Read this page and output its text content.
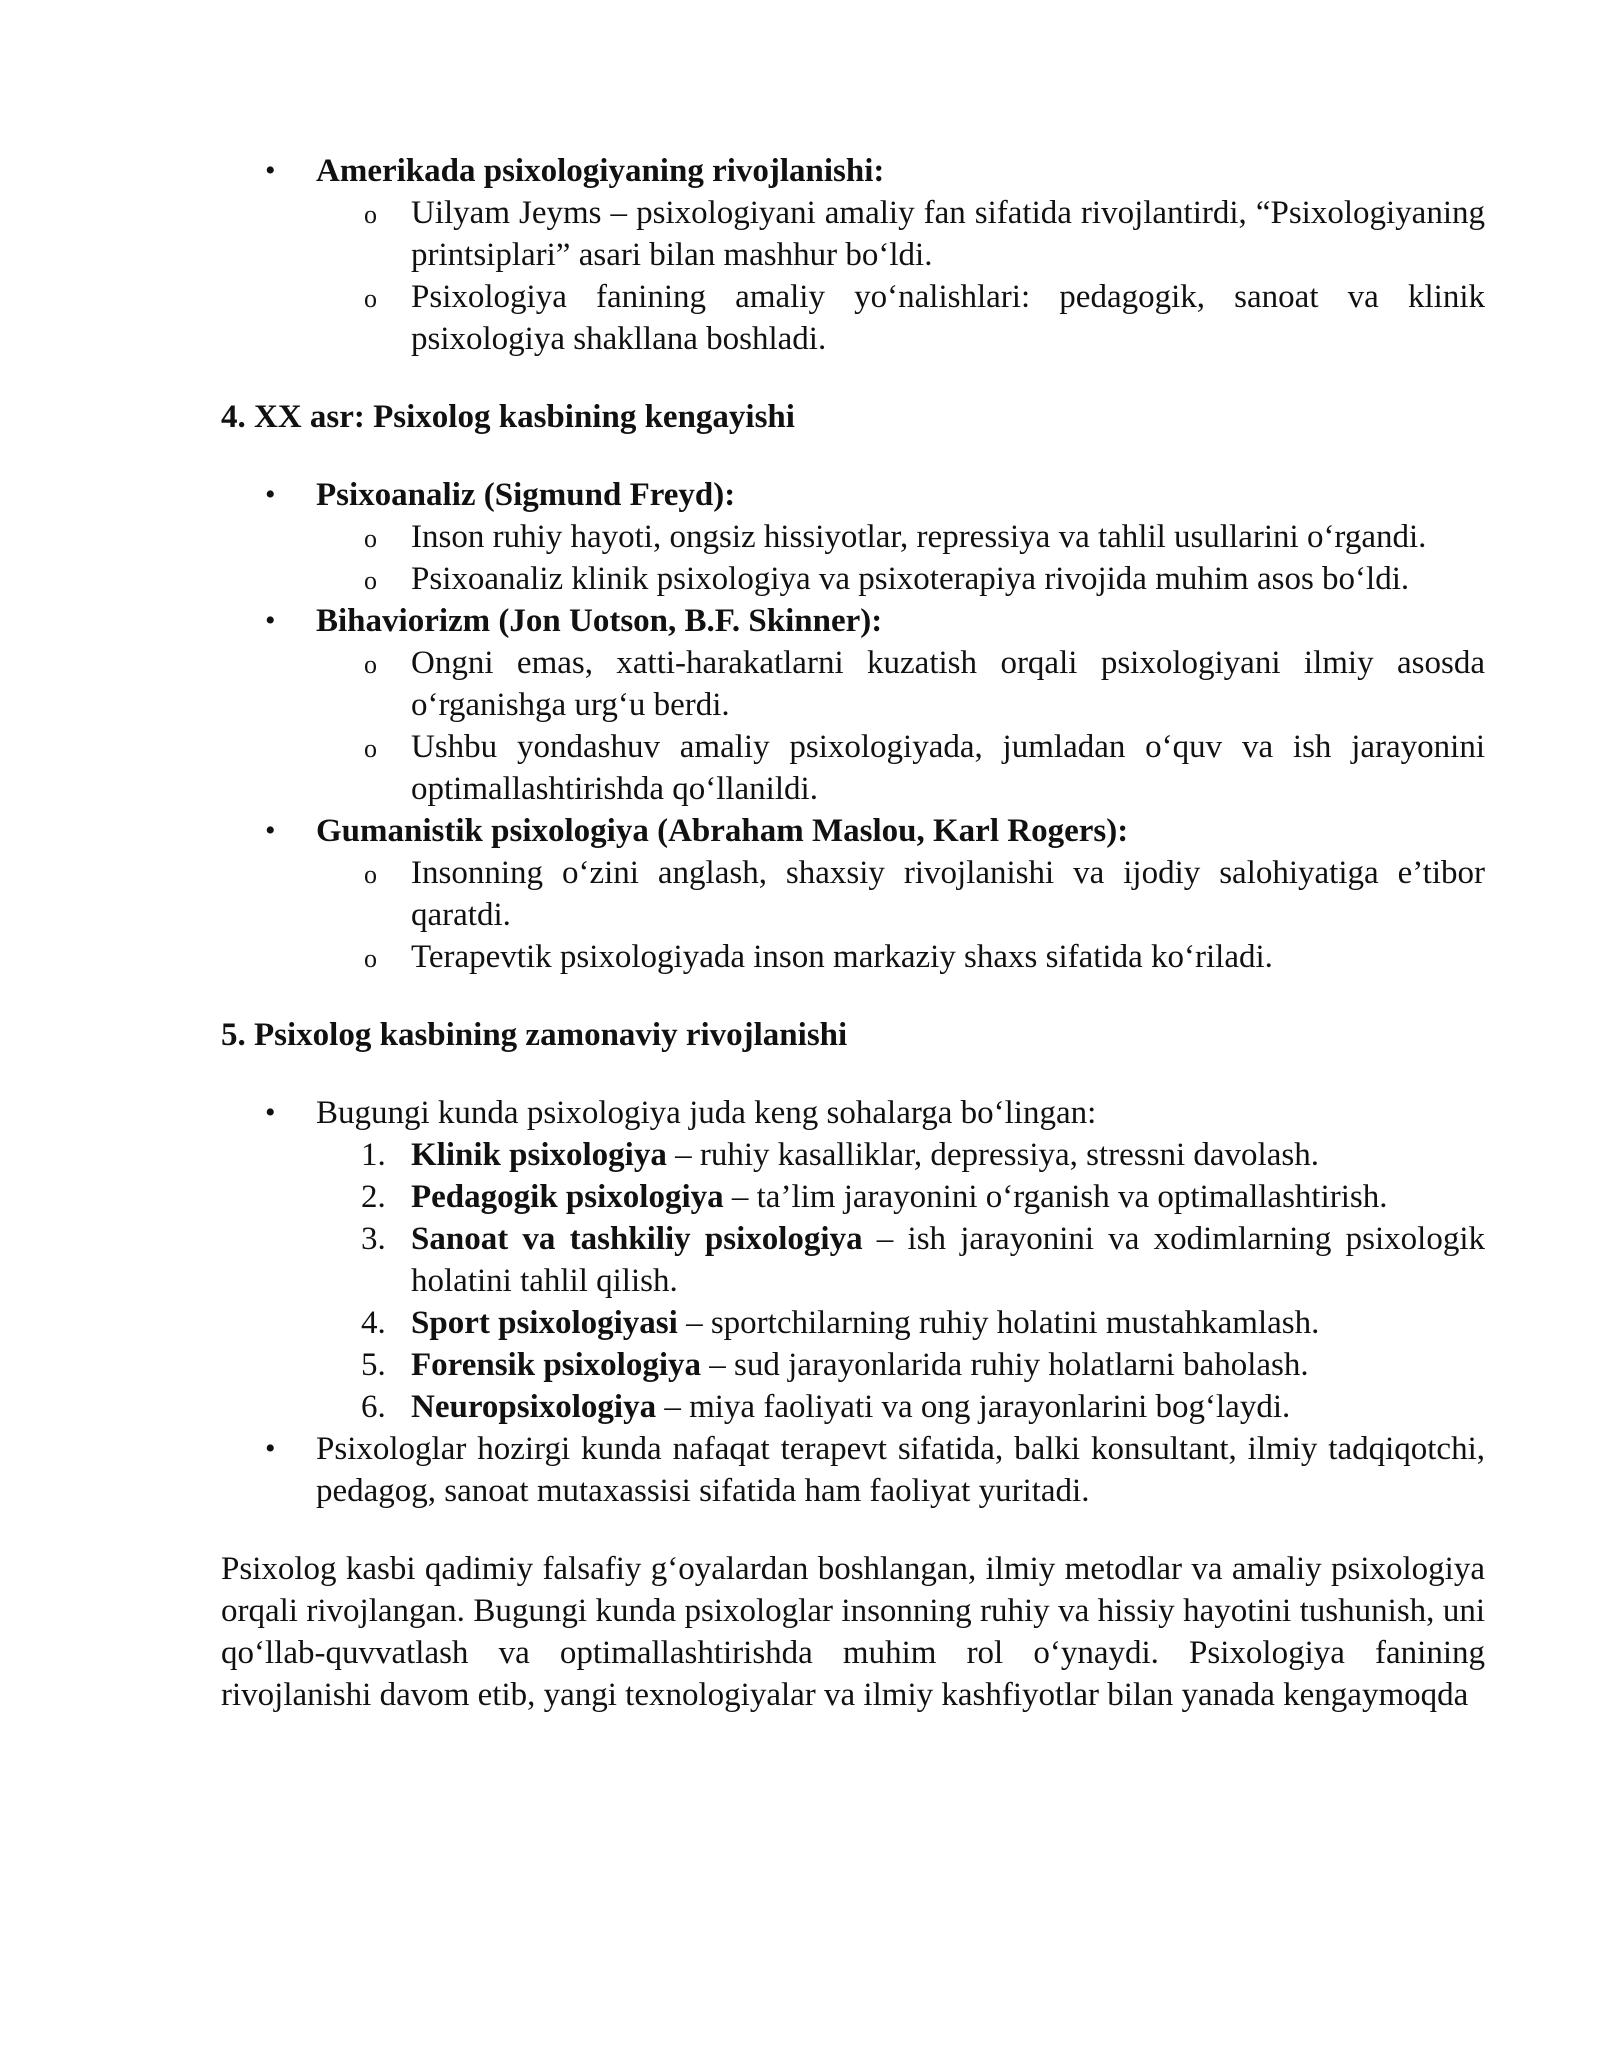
• Amerikada psixologiyaning rivojlanishi:
o Uilyam Jeyms – psixologiyani amaliy fan sifatida rivojlantirdi, “Psixologiyaning printsiplari” asari bilan mashhur bo‘ldi.
o Psixologiya fanining amaliy yo‘nalishlari: pedagogik, sanoat va klinik psixologiya shakllana boshladi.
4. XX asr: Psixolog kasbining kengayishi
• Psixoanaliz (Sigmund Freyd):
o Inson ruhiy hayoti, ongsiz hissiyotlar, repressiya va tahlil usullarini o‘rgandi.
o Psixoanaliz klinik psixologiya va psixoterapiya rivojida muhim asos bo‘ldi.
• Bihaviorizm (Jon Uotson, B.F. Skinner):
o Ongni emas, xatti-harakatlarni kuzatish orqali psixologiyani ilmiy asosda o‘rganishga urg‘u berdi.
o Ushbu yondashuv amaliy psixologiyada, jumladan o‘quv va ish jarayonini optimallashtirishda qo‘llanildi.
• Gumanistik psixologiya (Abraham Maslou, Karl Rogers):
o Insonning o‘zini anglash, shaxsiy rivojlanishi va ijodiy salohiyatiga e’tibor qaratdi.
o Terapevtik psixologiyada inson markaziy shaxs sifatida ko‘riladi.
5. Psixolog kasbining zamonaviy rivojlanishi
• Bugungi kunda psixologiya juda keng sohalarga bo‘lingan:
1. Klinik psixologiya – ruhiy kasalliklar, depressiya, stressni davolash.
2. Pedagogik psixologiya – ta’lim jarayonini o‘rganish va optimallashtirish.
3. Sanoat va tashkiliy psixologiya – ish jarayonini va xodimlarning psixologik holatini tahlil qilish.
4. Sport psixologiyasi – sportchilarning ruhiy holatini mustahkamlash.
5. Forensik psixologiya – sud jarayonlarida ruhiy holatlarni baholash.
6. Neuropsixologiya – miya faoliyati va ong jarayonlarini bog‘laydi.
• Psixologlar hozirgi kunda nafaqat terapevt sifatida, balki konsultant, ilmiy tadqiqotchi, pedagog, sanoat mutaxassisi sifatida ham faoliyat yuritadi.

Psixolog kasbi qadimiy falsafiy g‘oyalardan boshlangan, ilmiy metodlar va amaliy psixologiya orqali rivojlangan. Bugungi kunda psixologlar insonning ruhiy va hissiy hayotini tushunish, uni qo‘llab-quvvatlash va optimallashtirishda muhim rol o‘ynaydi. Psixologiya fanining rivojlanishi davom etib, yangi texnologiyalar va ilmiy kashfiyotlar bilan yanada kengaymoqda
